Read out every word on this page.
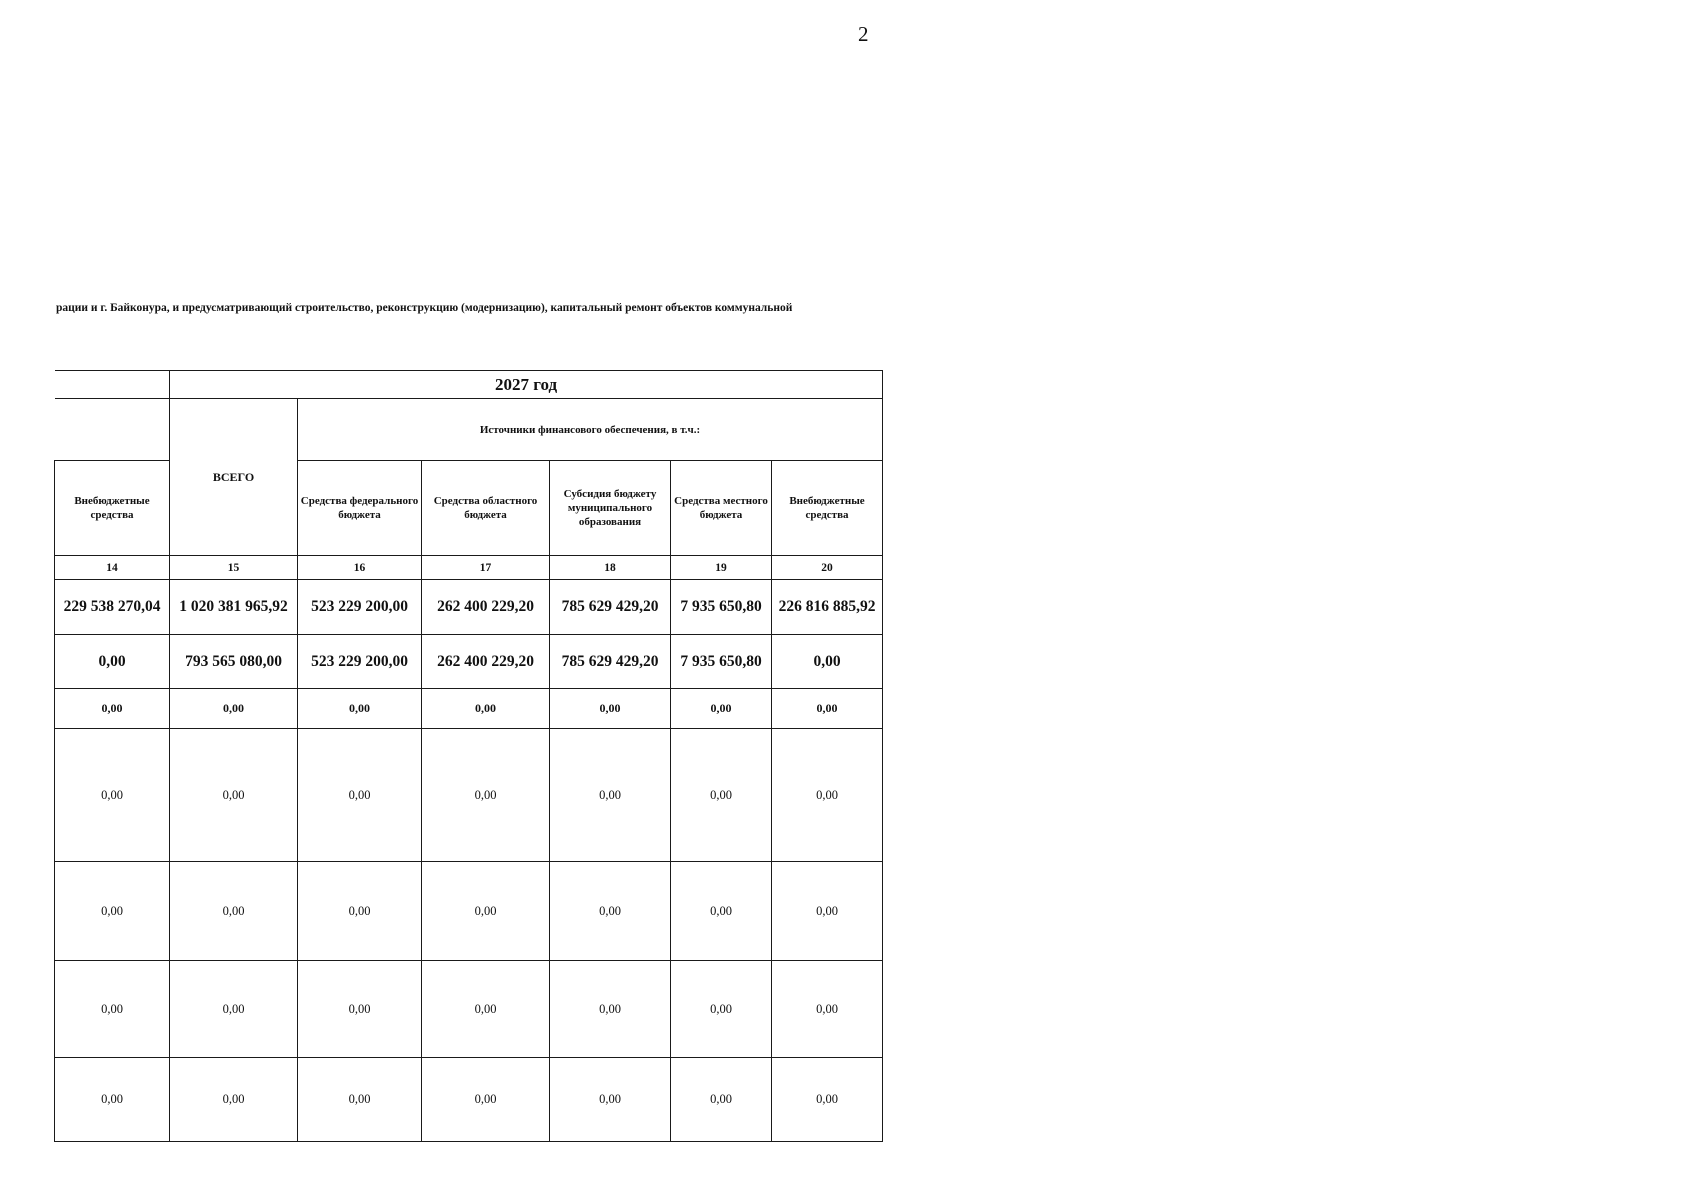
2
рации и г. Байконура, и предусматривающий строительство, реконструкцию (модернизацию), капитальный ремонт объектов коммунальной
	2027 год					
	ВСЕГО	Источники финансового обеспечения, в т.ч.:				
Внебюджетные средства		Средства федерального бюджета	Средства областного бюджета	Субсидия бюджету муниципального образования	Средства местного бюджета	Внебюджетные средства
14	15	16	17	18	19	20
229 538 270,04	1 020 381 965,92	523 229 200,00	262 400 229,20	785 629 429,20	7 935 650,80	226 816 885,92
0,00	793 565 080,00	523 229 200,00	262 400 229,20	785 629 429,20	7 935 650,80	0,00
0,00	0,00	0,00	0,00	0,00	0,00	0,00
0,00	0,00	0,00	0,00	0,00	0,00	0,00
0,00	0,00	0,00	0,00	0,00	0,00	0,00
0,00	0,00	0,00	0,00	0,00	0,00	0,00
0,00	0,00	0,00	0,00	0,00	0,00	0,00
